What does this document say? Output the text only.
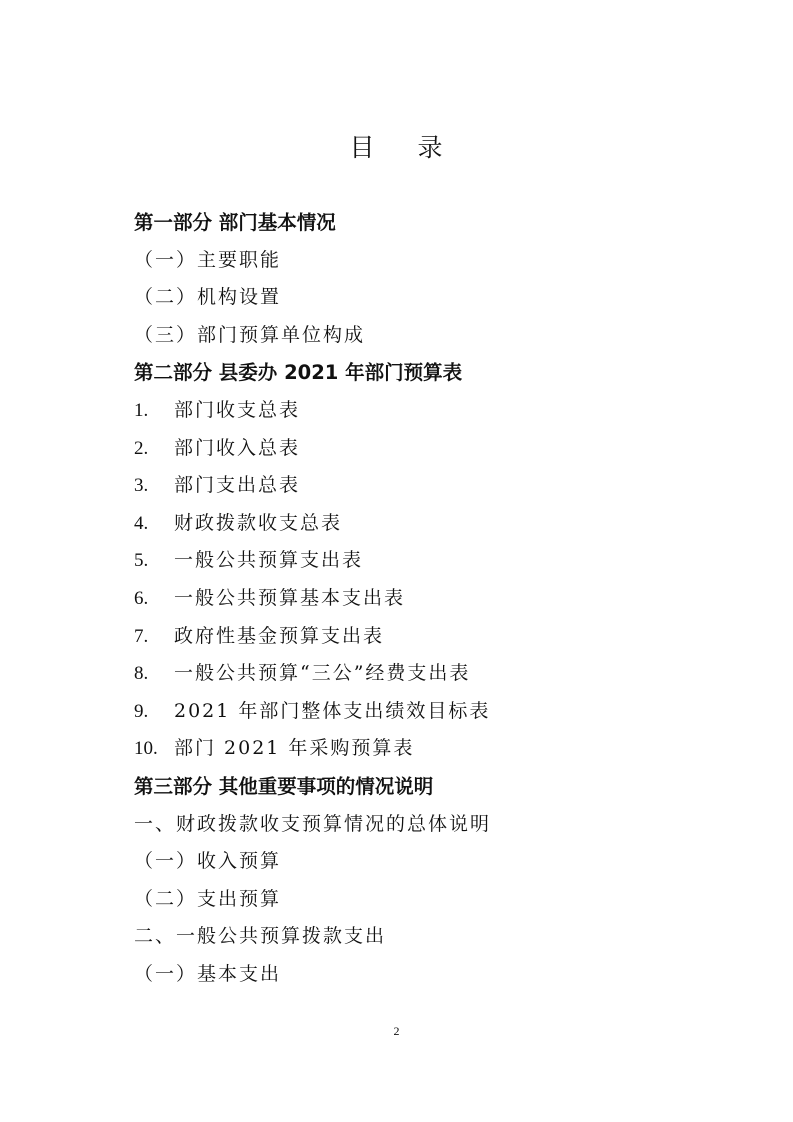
目 录
第一部分 部门基本情况
（一）主要职能
（二）机构设置
（三）部门预算单位构成
第二部分 县委办 2021 年部门预算表
1. 部门收支总表
2. 部门收入总表
3. 部门支出总表
4. 财政拨款收支总表
5. 一般公共预算支出表
6. 一般公共预算基本支出表
7. 政府性基金预算支出表
8. 一般公共预算“三公”经费支出表
9. 2021 年部门整体支出绩效目标表
10. 部门 2021 年采购预算表
第三部分 其他重要事项的情况说明
一、财政拨款收支预算情况的总体说明
（一）收入预算
（二）支出预算
二、一般公共预算拨款支出
（一）基本支出
2
